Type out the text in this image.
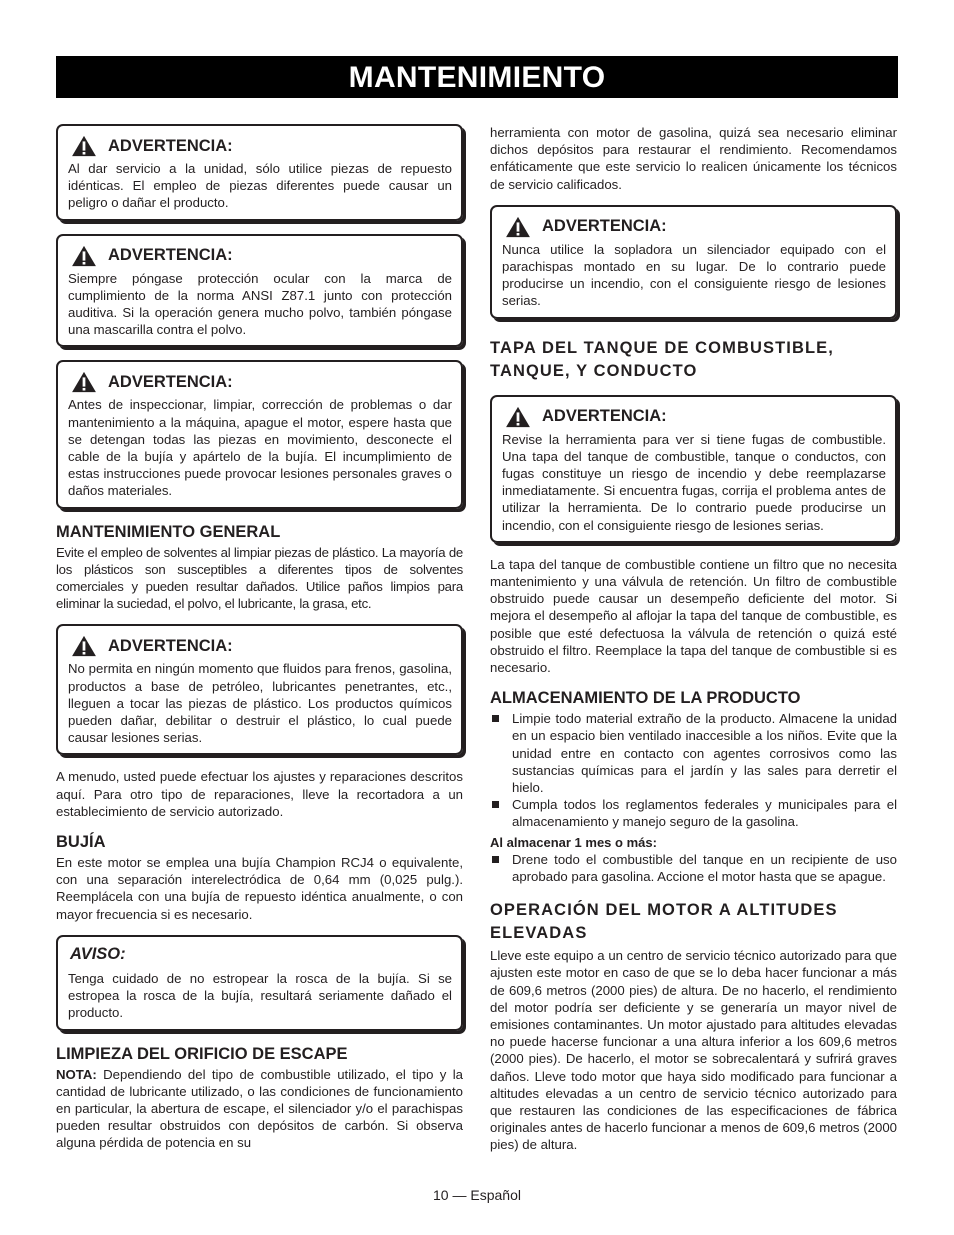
MANTENIMIENTO
ADVERTENCIA:

Al dar servicio a la unidad, sólo utilice piezas de repuesto idénticas. El empleo de piezas diferentes puede causar un peligro o dañar el producto.

ADVERTENCIA:

Siempre póngase protección ocular con la marca de cumplimiento de la norma ANSI Z87.1 junto con protección auditiva. Si la operación genera mucho polvo, también póngase una mascarilla contra el polvo.

ADVERTENCIA:

Antes de inspeccionar, limpiar, corrección de problemas o dar mantenimiento a la máquina, apague el motor, espere hasta que se detengan todas las piezas en movimiento, desconecte el cable de la bujía y apártelo de la bujía. El incumplimiento de estas instrucciones puede provocar lesiones personales graves o daños materiales.

MANTENIMIENTO GENERAL

Evite el empleo de solventes al limpiar piezas de plástico. La mayoría de los plásticos son susceptibles a diferentes tipos de solventes comerciales y pueden resultar dañados. Utilice paños limpios para eliminar la suciedad, el polvo, el lubricante, la grasa, etc.

ADVERTENCIA:

No permita en ningún momento que fluidos para frenos, gasolina, productos a base de petróleo, lubricantes penetrantes, etc., lleguen a tocar las piezas de plástico. Los productos químicos pueden dañar, debilitar o destruir el plástico, lo cual puede causar lesiones serias.

A menudo, usted puede efectuar los ajustes y reparaciones descritos aquí. Para otro tipo de reparaciones, lleve la recortadora a un establecimiento de servicio autorizado.

BUJÍA

En este motor se emplea una bujía Champion RCJ4 o equivalente, con una separación interelectródica de 0,64 mm (0,025 pulg.). Reemplácela con una bujía de repuesto idéntica anualmente, o con mayor frecuencia si es necesario.

AVISO:

Tenga cuidado de no estropear la rosca de la bujía. Si se estropea la rosca de la bujía, resultará seriamente dañado el producto.

LIMPIEZA DEL ORIFICIO DE ESCAPE

NOTA: Dependiendo del tipo de combustible utilizado, el tipo y la cantidad de lubricante utilizado, o las condiciones de funcionamiento en particular, la abertura de escape, el silenciador y/o el parachispas pueden resultar obstruidos con depósitos de carbón. Si observa alguna pérdida de potencia en su

herramienta con motor de gasolina, quizá sea necesario eliminar dichos depósitos para restaurar el rendimiento. Recomendamos enfáticamente que este servicio lo realicen únicamente los técnicos de servicio calificados.

ADVERTENCIA:

Nunca utilice la sopladora un silenciador equipado con el parachispas montado en su lugar. De lo contrario puede producirse un incendio, con el consiguiente riesgo de lesiones serias.

TAPA DEL TANQUE DE COMBUSTIBLE, TANQUE, Y CONDUCTO
ADVERTENCIA:

Revise la herramienta para ver si tiene fugas de combustible. Una tapa del tanque de combustible, tanque o conductos, con fugas constituye un riesgo de incendio y debe reemplazarse inmediatamente. Si encuentra fugas, corrija el problema antes de utilizar la herramienta. De lo contrario puede producirse un incendio, con el consiguiente riesgo de lesiones serias.

La tapa del tanque de combustible contiene un filtro que no necesita mantenimiento y una válvula de retención. Un filtro de combustible obstruido puede causar un desempeño deficiente del motor. Si mejora el desempeño al aflojar la tapa del tanque de combustible, es posible que esté defectuosa la válvula de retención o quizá esté obstruido el filtro. Reemplace la tapa del tanque de combustible si es necesario.

ALMACENAMIENTO DE LA PRODUCTO
Limpie todo material extraño de la producto. Almacene la unidad en un espacio bien ventilado inaccesible a los niños. Evite que la unidad entre en contacto con agentes corrosivos como las sustancias químicas para el jardín y las sales para derretir el hielo.
Cumpla todos los reglamentos federales y municipales para el almacenamiento y manejo seguro de la gasolina.
Al almacenar 1 mes o más:
Drene todo el combustible del tanque en un recipiente de uso aprobado para gasolina. Accione el motor hasta que se apague.
OPERACIÓN DEL MOTOR A ALTITUDES ELEVADAS

Lleve este equipo a un centro de servicio técnico autorizado para que ajusten este motor en caso de que se lo deba hacer funcionar a más de 609,6 metros (2000 pies) de altura. De no hacerlo, el rendimiento del motor podría ser deficiente y se generaría un mayor nivel de emisiones contaminantes. Un motor ajustado para altitudes elevadas no puede hacerse funcionar a una altura inferior a los 609,6 metros (2000 pies). De hacerlo, el motor se sobrecalentará y sufrirá graves daños. Lleve todo motor que haya sido modificado para funcionar a altitudes elevadas a un centro de servicio técnico autorizado para que restauren las condiciones de las especificaciones de fábrica originales antes de hacerlo funcionar a menos de 609,6 metros (2000 pies) de altura.

10 — Español
